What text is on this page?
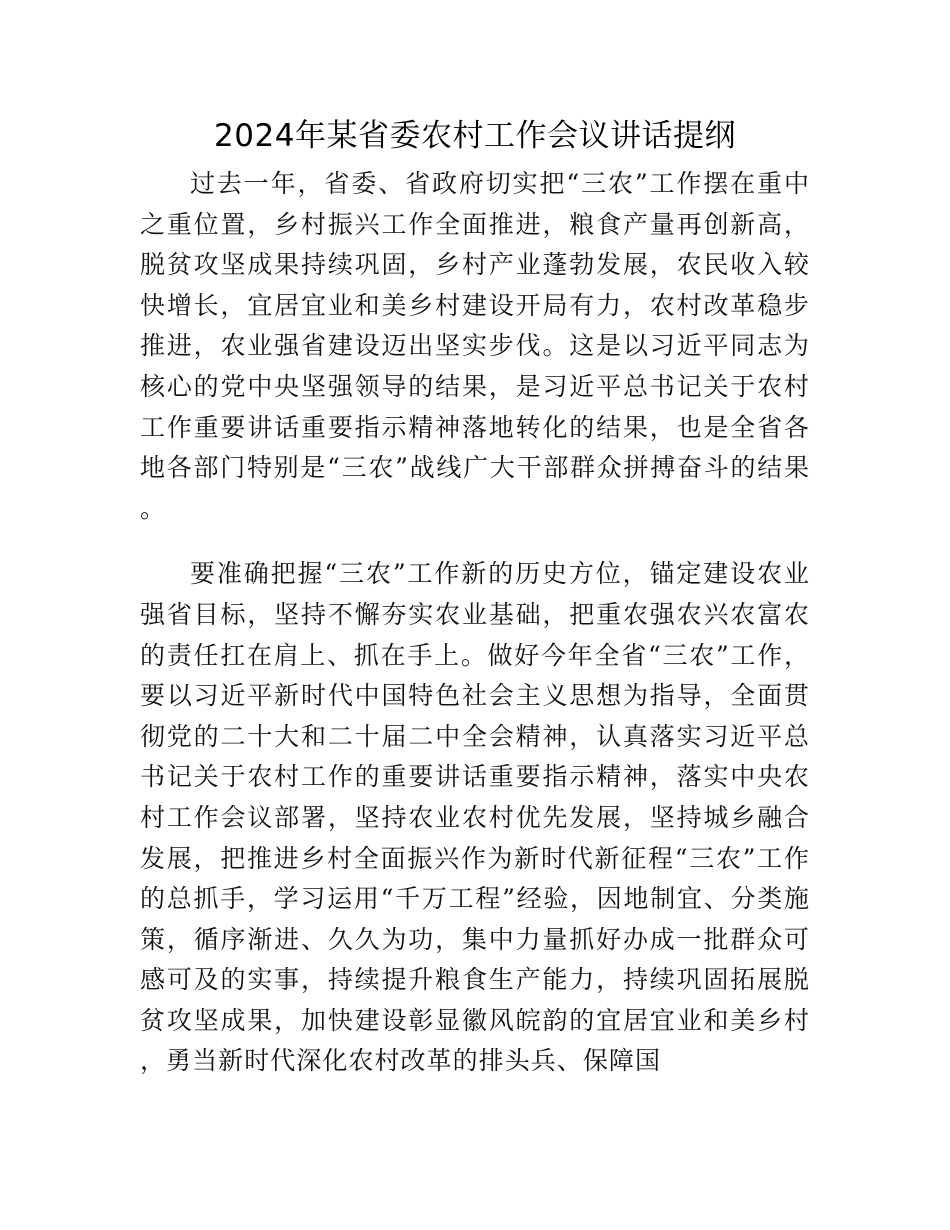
2024年某省委农村工作会议讲话提纲

过去一年，省委、省政府切实把“三农”工作摆在重中之重位置，乡村振兴工作全面推进，粮食产量再创新高，脱贫攻坚成果持续巩固，乡村产业蓬勃发展，农民收入较快增长，宜居宜业和美乡村建设开局有力，农村改革稳步推进，农业强省建设迈出坚实步伐。这是以习近平同志为核心的党中央坚强领导的结果，是习近平总书记关于农村工作重要讲话重要指示精神落地转化的结果，也是全省各地各部门特别是“三农”战线广大干部群众拼搏奋斗的结果。

要准确把握“三农”工作新的历史方位，锚定建设农业强省目标，坚持不懈夯实农业基础，把重农强农兴农富农的责任扛在肩上、抓在手上。做好今年全省“三农”工作，要以习近平新时代中国特色社会主义思想为指导，全面贯彻党的二十大和二十届二中全会精神，认真落实习近平总书记关于农村工作的重要讲话重要指示精神，落实中央农村工作会议部署，坚持农业农村优先发展，坚持城乡融合发展，把推进乡村全面振兴作为新时代新征程“三农”工作的总抓手，学习运用“千万工程”经验，因地制宜、分类施策，循序渐进、久久为功，集中力量抓好办成一批群众可感可及的实事，持续提升粮食生产能力，持续巩固拓展脱贫攻坚成果，加快建设彰显徽风皖韵的宜居宜业和美乡村，勇当新时代深化农村改革的排头兵、保障国
